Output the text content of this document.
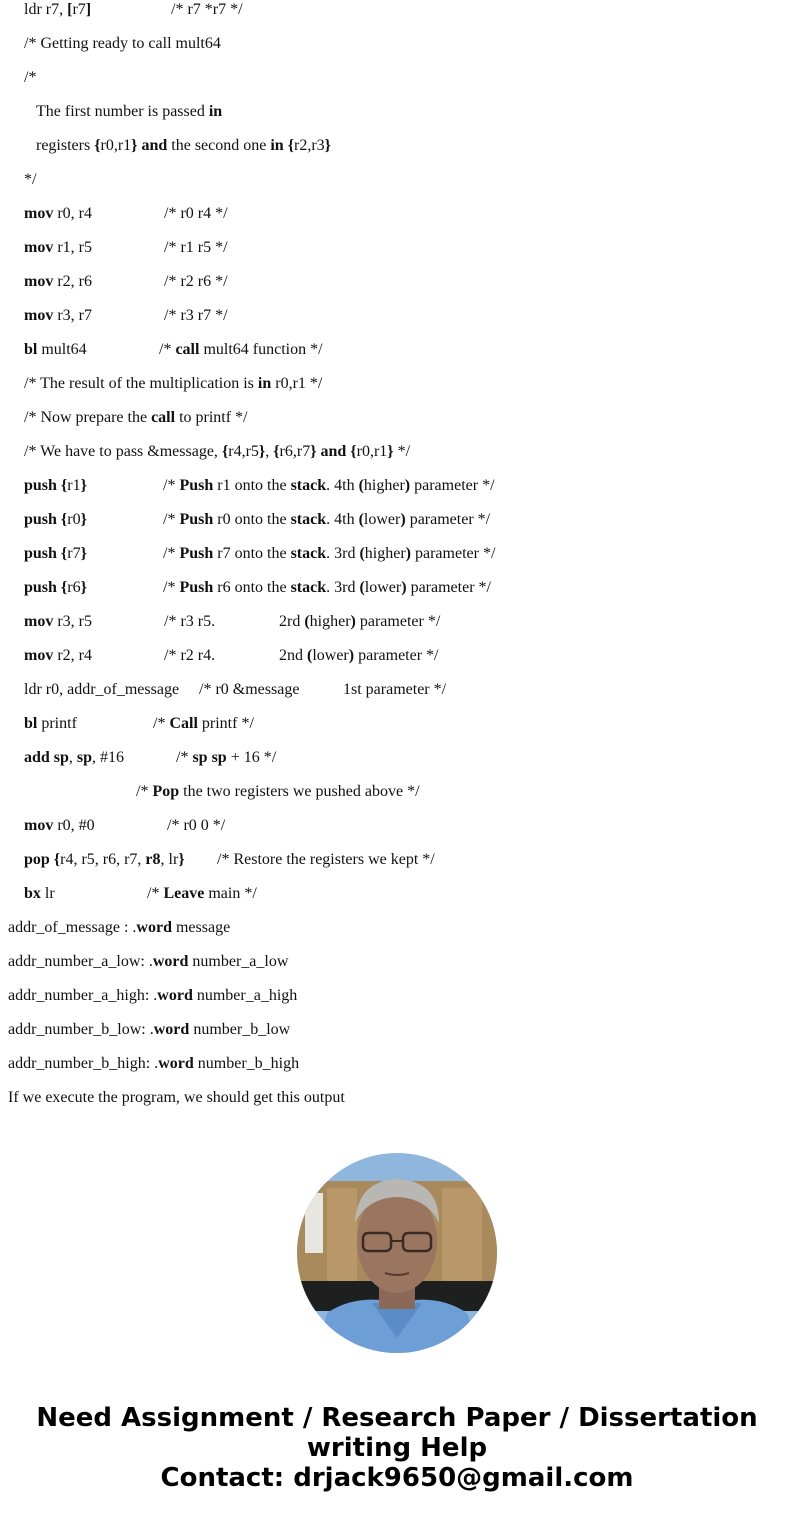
ldr r7, [r7]	/* r7 *r7 */
/* Getting ready to call mult64
/*
The first number is passed in
registers {r0,r1} and the second one in {r2,r3}
*/
mov r0, r4	/* r0 r4 */
mov r1, r5	/* r1 r5 */
mov r2, r6	/* r2 r6 */
mov r3, r7	/* r3 r7 */
bl mult64	/* call mult64 function */
/* The result of the multiplication is in r0,r1 */
/* Now prepare the call to printf */
/* We have to pass &message, {r4,r5}, {r6,r7} and {r0,r1} */
push {r1}	/* Push r1 onto the stack. 4th (higher) parameter */
push {r0}	/* Push r0 onto the stack. 4th (lower) parameter */
push {r7}	/* Push r7 onto the stack. 3rd (higher) parameter */
push {r6}	/* Push r6 onto the stack. 3rd (lower) parameter */
mov r3, r5	/* r3 r5.	2rd (higher) parameter */
mov r2, r4	/* r2 r4.	2nd (lower) parameter */
ldr r0, addr_of_message /* r0 &message	1st parameter */
bl printf	/* Call printf */
add sp, sp, #16	/* sp sp + 16 */
/* Pop the two registers we pushed above */
mov r0, #0	/* r0 0 */
pop {r4, r5, r6, r7, r8, lr} /* Restore the registers we kept */
bx lr	/* Leave main */
addr_of_message : .word message
addr_number_a_low: .word number_a_low
addr_number_a_high: .word number_a_high
addr_number_b_low: .word number_b_low
addr_number_b_high: .word number_b_high
If we execute the program, we should get this output
Need Assignment / Research Paper / Dissertation
writing Help
Contact: drjack9650@gmail.com
